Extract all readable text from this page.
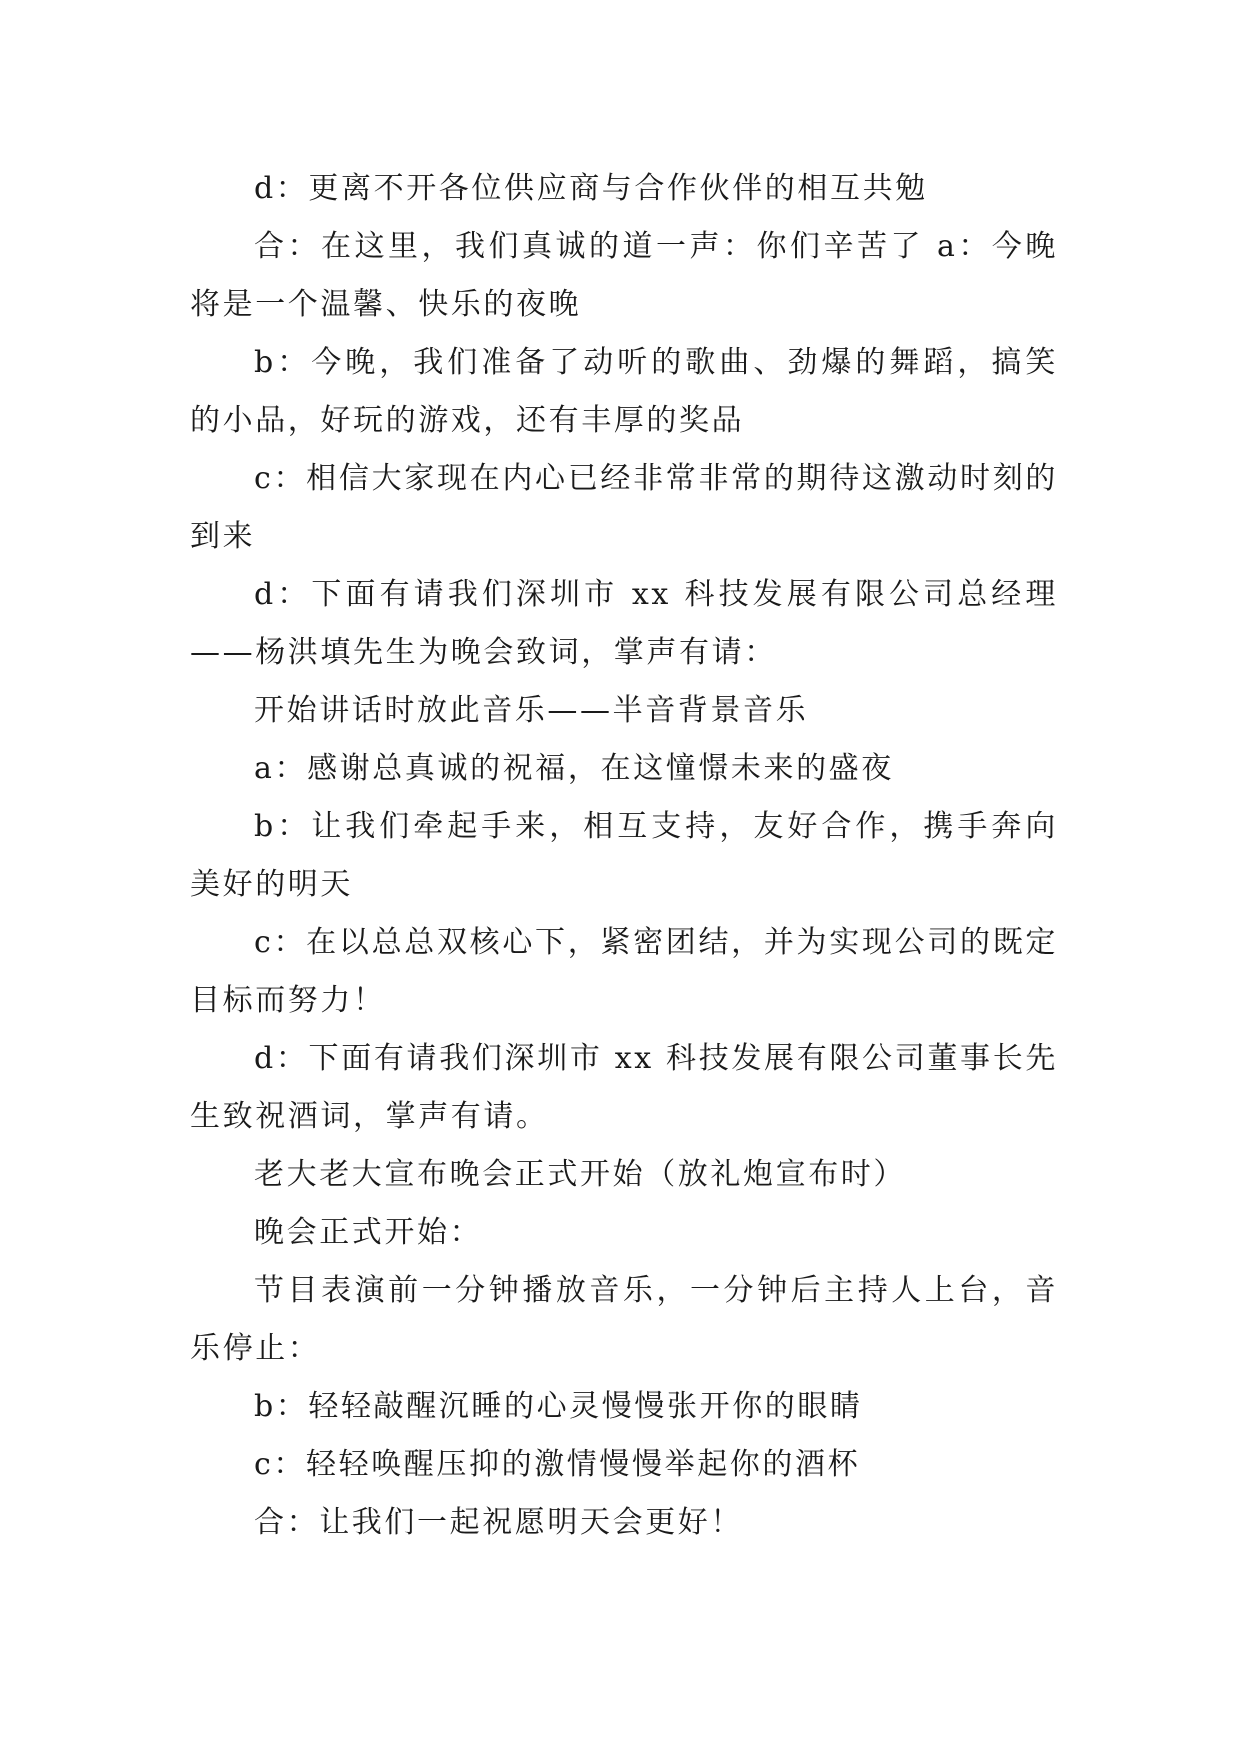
d：更离不开各位供应商与合作伙伴的相互共勉

合：在这里，我们真诚的道一声：你们辛苦了 a：今晚将是一个温馨、快乐的夜晚

b：今晚，我们准备了动听的歌曲、劲爆的舞蹈，搞笑的小品，好玩的游戏，还有丰厚的奖品

c：相信大家现在内心已经非常非常的期待这激动时刻的到来

d：下面有请我们深圳市 xx 科技发展有限公司总经理——杨洪填先生为晚会致词，掌声有请：

开始讲话时放此音乐——半音背景音乐

a：感谢总真诚的祝福，在这憧憬未来的盛夜

b：让我们牵起手来，相互支持，友好合作，携手奔向美好的明天

c：在以总总双核心下，紧密团结，并为实现公司的既定目标而努力！

d：下面有请我们深圳市 xx 科技发展有限公司董事长先生致祝酒词，掌声有请。

老大老大宣布晚会正式开始（放礼炮宣布时）

晚会正式开始：

节目表演前一分钟播放音乐，一分钟后主持人上台，音乐停止：

b：轻轻敲醒沉睡的心灵慢慢张开你的眼睛

c：轻轻唤醒压抑的激情慢慢举起你的酒杯

合：让我们一起祝愿明天会更好！
